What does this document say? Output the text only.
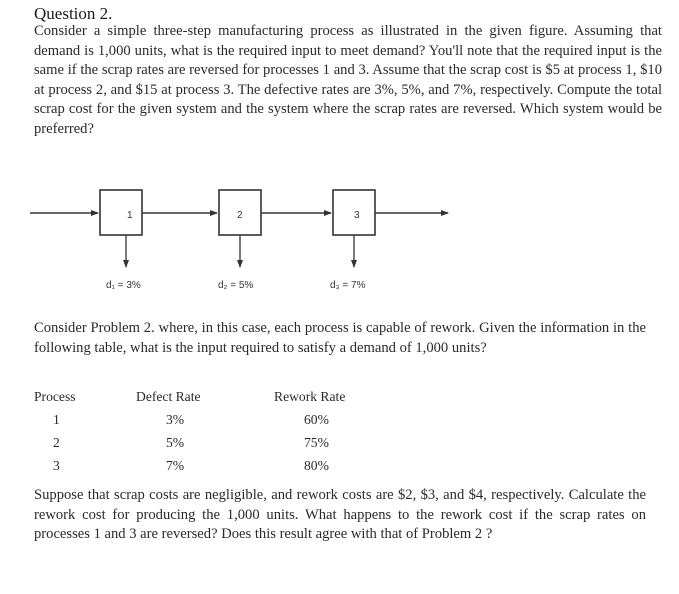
Question 2.
Consider a simple three-step manufacturing process as illustrated in the given figure. Assuming that demand is 1,000 units, what is the required input to meet demand? You'll note that the required input is the same if the scrap rates are reversed for processes 1 and 3. Assume that the scrap cost is $5 at process 1, $10 at process 2, and $15 at process 3. The defective rates are 3%, 5%, and 7%, respectively. Compute the total scrap cost for the given system and the system where the scrap rates are reversed. Which system would be preferred?
1	2	3
d₁ = 3%	d₂ = 5%	d₃ = 7%
Consider Problem 2. where, in this case, each process is capable of rework. Given the information in the following table, what is the input required to satisfy a demand of 1,000 units?
Process	Defect Rate	Rework Rate
1	3%	60%
2	5%	75%
3	7%	80%
Suppose that scrap costs are negligible, and rework costs are $2, $3, and $4, respectively. Calculate the rework cost for producing the 1,000 units. What happens to the rework cost if the scrap rates on processes 1 and 3 are reversed? Does this result agree with that of Problem 2 ?
